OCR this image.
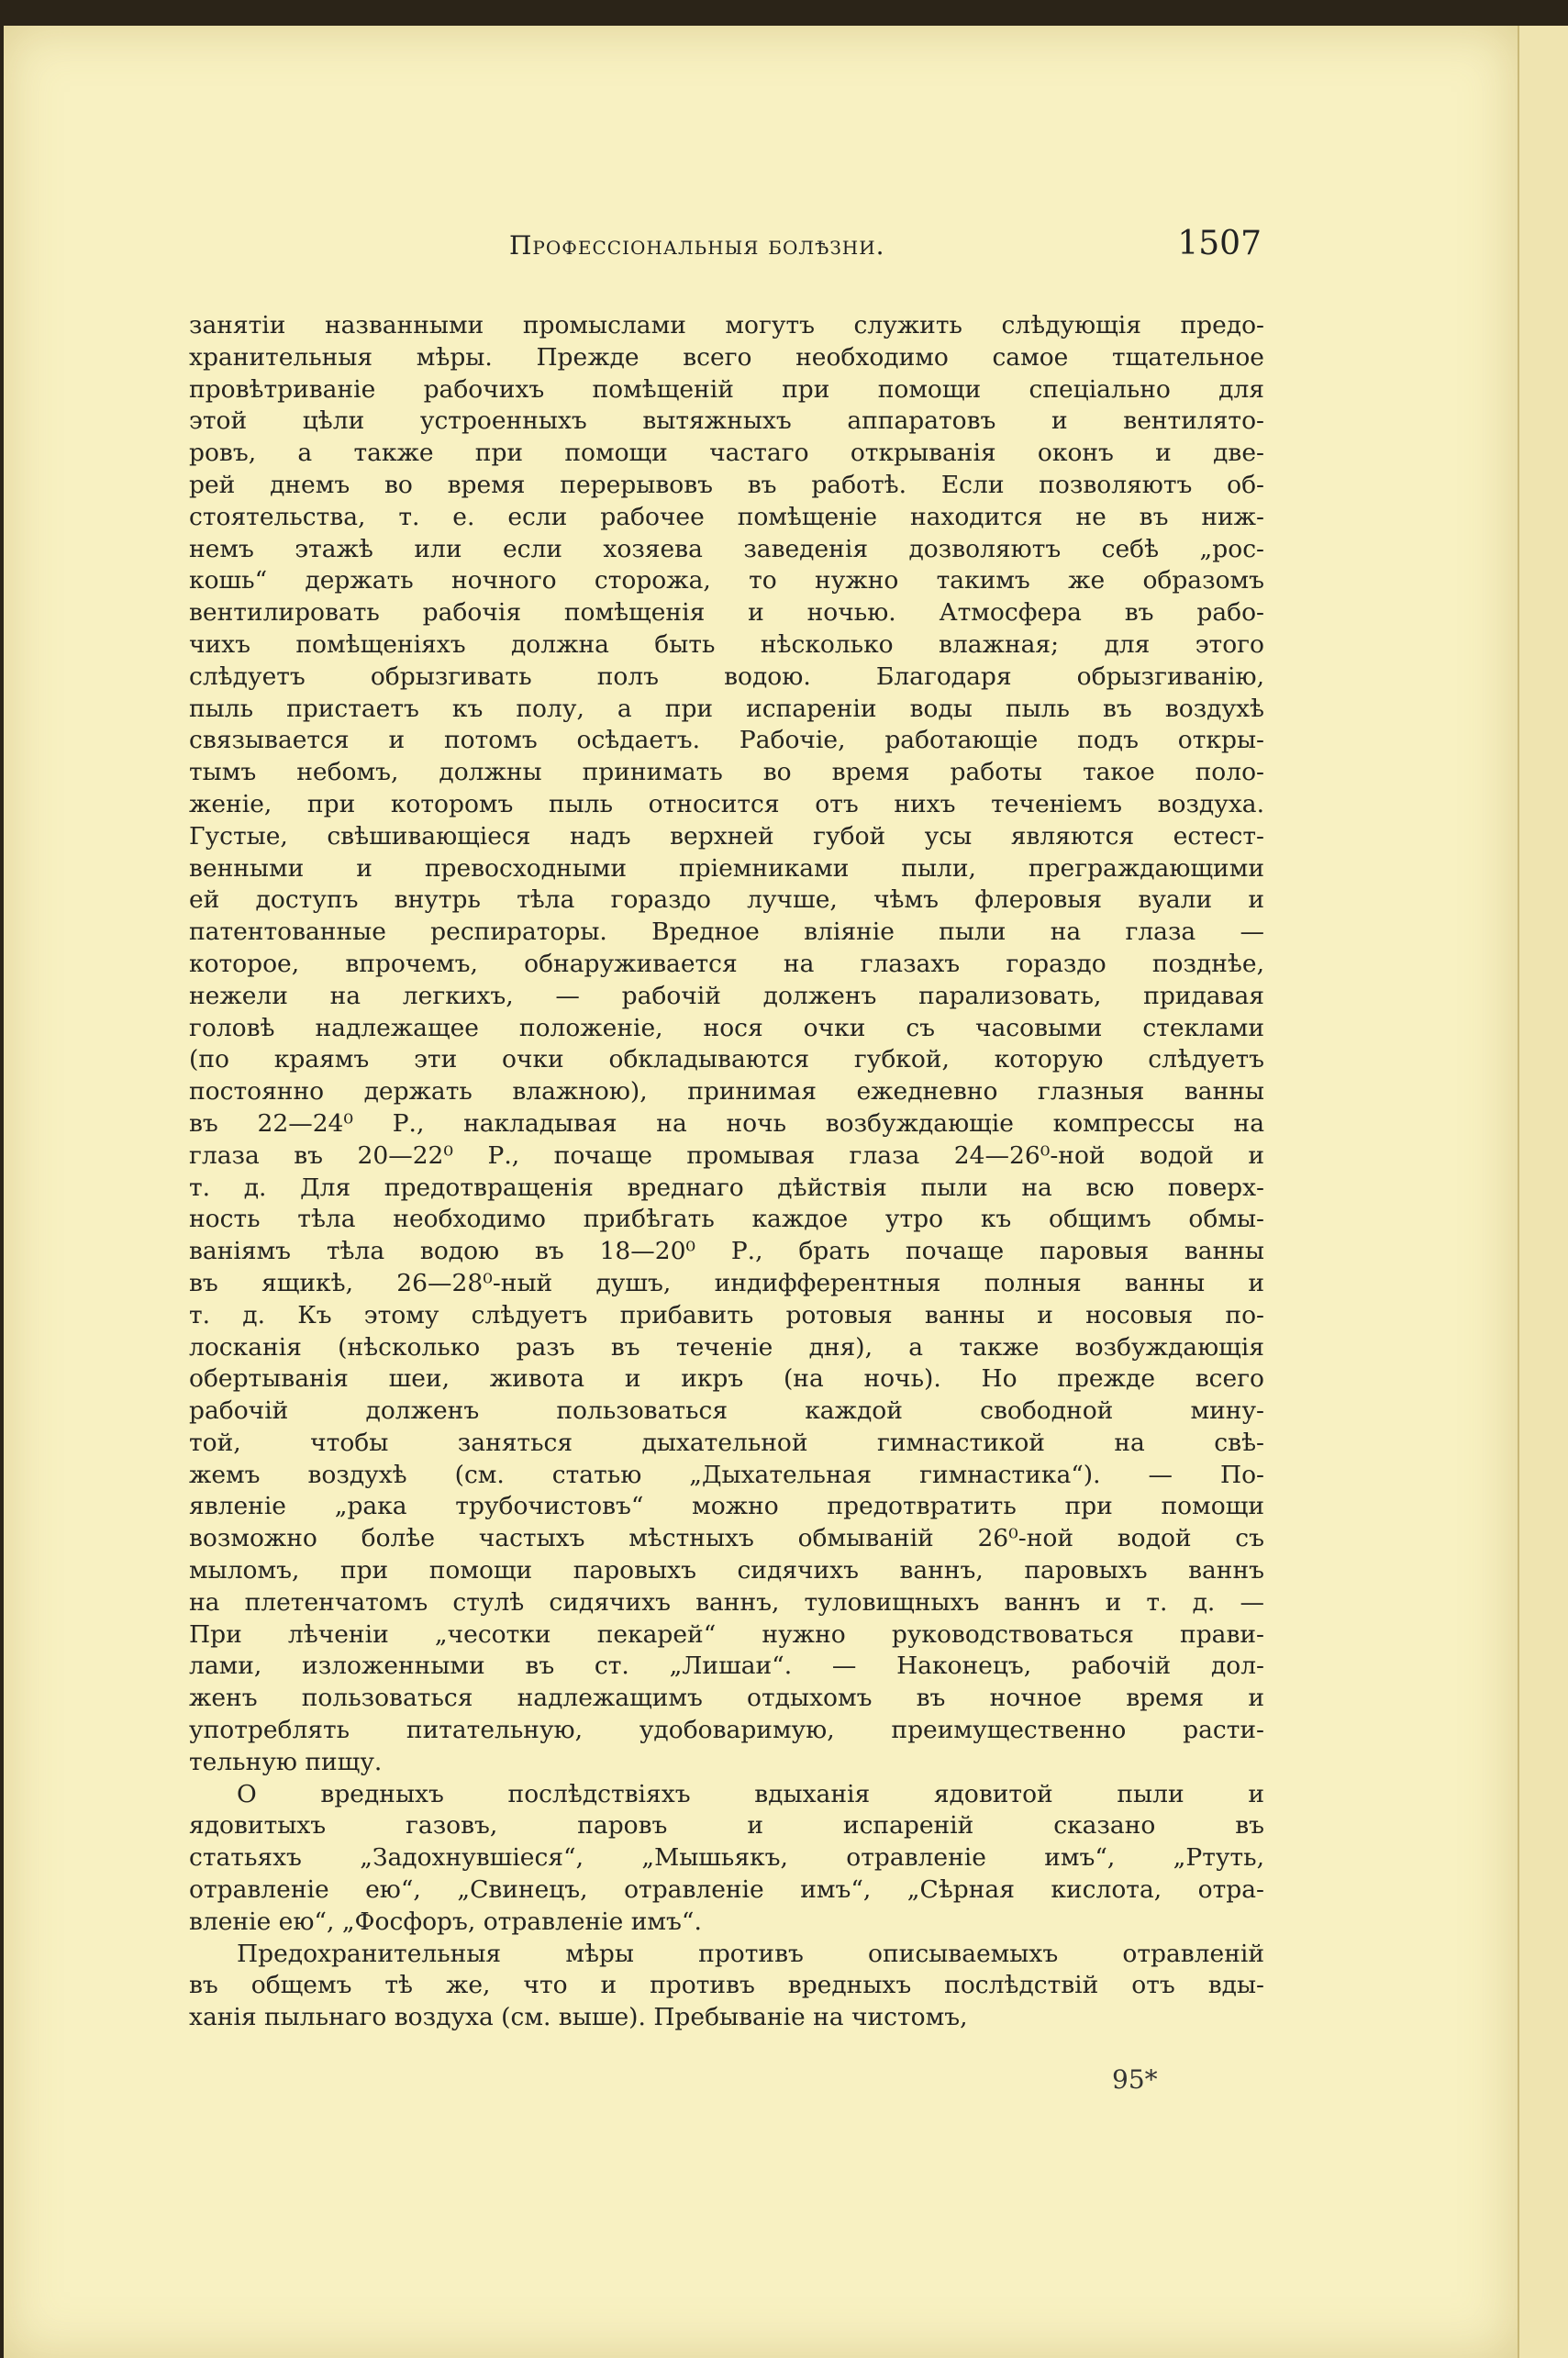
Профессіональныя болѣзни.	1507

занятіи названными промыслами могутъ служить слѣдующія предо-

хранительныя мѣры. Прежде всего необходимо самое тщательное

провѣтриваніе рабочихъ помѣщеній при помощи спеціально для

этой цѣли устроенныхъ вытяжныхъ аппаратовъ и вентилято-

ровъ, а также при помощи частаго открыванія оконъ и две-

рей днемъ во время перерывовъ въ работѣ. Если позволяютъ об-

стоятельства, т. е. если рабочее помѣщеніе находится не въ ниж-

немъ этажѣ или если хозяева заведенія дозволяютъ себѣ „рос-

кошь“ держать ночного сторожа, то нужно такимъ же образомъ

вентилировать рабочія помѣщенія и ночью. Атмосфера въ рабо-

чихъ помѣщеніяхъ должна быть нѣсколько влажная; для этого

слѣдуетъ обрызгивать полъ водою. Благодаря обрызгиванію,

пыль пристаетъ къ полу, а при испареніи воды пыль въ воздухѣ

связывается и потомъ осѣдаетъ. Рабочіе, работающіе подъ откры-

тымъ небомъ, должны принимать во время работы такое поло-

женіе, при которомъ пыль относится отъ нихъ теченіемъ воздуха.

Густые, свѣшивающіеся надъ верхней губой усы являются естест-

венными и превосходными пріемниками пыли, преграждающими

ей доступъ внутрь тѣла гораздо лучше, чѣмъ флеровыя вуали и

патентованные респираторы. Вредное вліяніе пыли на глаза —

которое, впрочемъ, обнаруживается на глазахъ гораздо позднѣе,

нежели на легкихъ, — рабочій долженъ парализовать, придавая

головѣ надлежащее положеніе, нося очки съ часовыми стеклами

(по краямъ эти очки обкладываются губкой, которую слѣдуетъ

постоянно держать влажною), принимая ежедневно глазныя ванны

въ 22—24⁰ Р., накладывая на ночь возбуждающіе компрессы на

глаза въ 20—22⁰ Р., почаще промывая глаза 24—26⁰-ной водой и

т. д. Для предотвращенія вреднаго дѣйствія пыли на всю поверх-

ность тѣла необходимо прибѣгать каждое утро къ общимъ обмы-

ваніямъ тѣла водою въ 18—20⁰ Р., брать почаще паровыя ванны

въ ящикѣ, 26—28⁰-ный душъ, индифферентныя полныя ванны и

т. д. Къ этому слѣдуетъ прибавить ротовыя ванны и носовыя по-

лосканія (нѣсколько разъ въ теченіе дня), а также возбуждающія

обертыванія шеи, живота и икръ (на ночь). Но прежде всего

рабочій долженъ пользоваться каждой свободной мину-

той, чтобы заняться дыхательной гимнастикой на свѣ-

жемъ воздухѣ (см. статью „Дыхательная гимнастика“). — По-

явленіе „рака трубочистовъ“ можно предотвратить при помощи

возможно болѣе частыхъ мѣстныхъ обмываній 26⁰-ной водой съ

мыломъ, при помощи паровыхъ сидячихъ ваннъ, паровыхъ ваннъ

на плетенчатомъ стулѣ сидячихъ ваннъ, туловищныхъ ваннъ и т. д. —

При лѣченіи „чесотки пекарей“ нужно руководствоваться прави-

лами, изложенными въ ст. „Лишаи“. — Наконецъ, рабочій дол-

женъ пользоваться надлежащимъ отдыхомъ въ ночное время и

употреблять питательную, удобоваримую, преимущественно расти-

тельную пищу.

О вредныхъ послѣдствіяхъ вдыханія ядовитой пыли и

ядовитыхъ газовъ, паровъ и испареній сказано въ

статьяхъ „Задохнувшіеся“, „Мышьякъ, отравленіе имъ“, „Ртуть,

отравленіе ею“, „Свинецъ, отравленіе имъ“, „Сѣрная кислота, отра-

вленіе ею“, „Фосфоръ, отравленіе имъ“.

Предохранительныя мѣры противъ описываемыхъ отравленій

въ общемъ тѣ же, что и противъ вредныхъ послѣдствій отъ вды-

ханія пыльнаго воздуха (см. выше). Пребываніе на чистомъ,

95*
